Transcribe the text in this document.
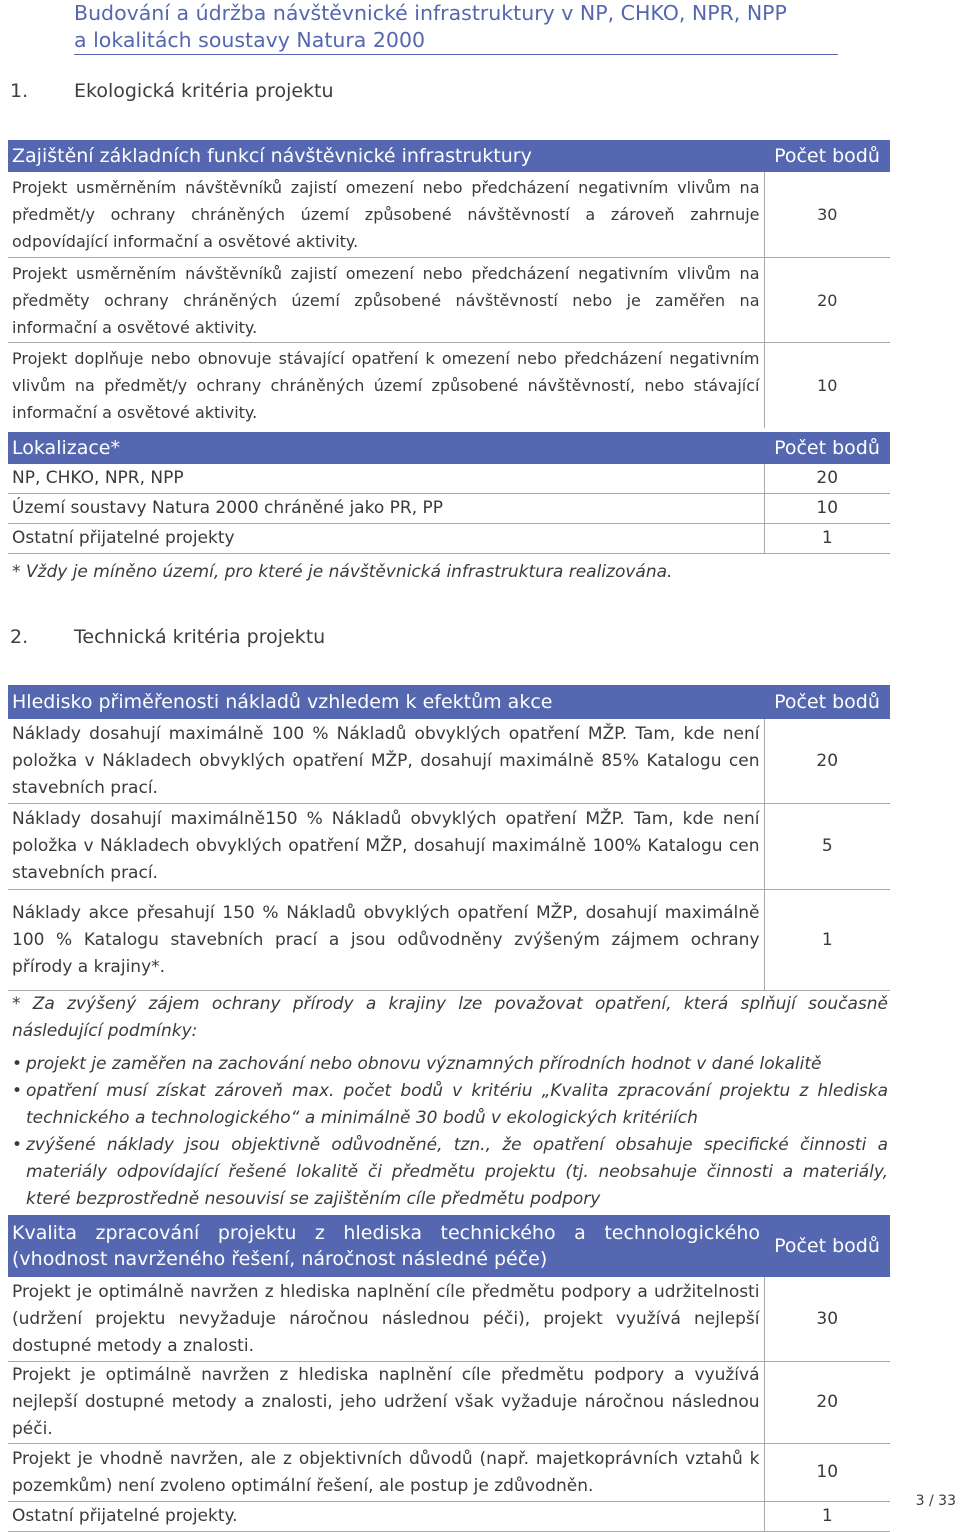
Budování a údržba návštěvnické infrastruktury v NP, CHKO, NPR, NPP
a lokalitách soustavy Natura 2000
1. Ekologická kritéria projektu
Zajištění základních funkcí návštěvnické infrastruktury	Počet bodů
Projekt usměrněním návštěvníků zajistí omezení nebo předcházení negativním vlivům na předmět/y ochrany chráněných území způsobené návštěvností a zároveň zahrnuje odpovídající informační a osvětové aktivity.	30
Projekt usměrněním návštěvníků zajistí omezení nebo předcházení negativním vlivům na předměty ochrany chráněných území způsobené návštěvností nebo je zaměřen na informační a osvětové aktivity.	20
Projekt doplňuje nebo obnovuje stávající opatření k omezení nebo předcházení negativním vlivům na předmět/y ochrany chráněných území způsobené návštěvností, nebo stávající informační a osvětové aktivity.	10
Lokalizace*	Počet bodů
NP, CHKO, NPR, NPP	20
Území soustavy Natura 2000 chráněné jako PR, PP	10
Ostatní přijatelné projekty	1
* Vždy je míněno území, pro které je návštěvnická infrastruktura realizována.
2. Technická kritéria projektu
Hledisko přiměřenosti nákladů vzhledem k efektům akce	Počet bodů
Náklady dosahují maximálně 100 % Nákladů obvyklých opatření MŽP. Tam, kde není položka v Nákladech obvyklých opatření MŽP, dosahují maximálně 85% Katalogu cen stavebních prací.	20
Náklady dosahují maximálně150 % Nákladů obvyklých opatření MŽP. Tam, kde není položka v Nákladech obvyklých opatření MŽP, dosahují maximálně 100% Katalogu cen stavebních prací.	5
Náklady akce přesahují 150 % Nákladů obvyklých opatření MŽP, dosahují maximálně 100 % Katalogu stavebních prací a jsou odůvodněny zvýšeným zájmem ochrany přírody a krajiny*.	1
* Za zvýšený zájem ochrany přírody a krajiny lze považovat opatření, která splňují současně následující podmínky:
• projekt je zaměřen na zachování nebo obnovu významných přírodních hodnot v dané lokalitě
• opatření musí získat zároveň max. počet bodů v kritériu „Kvalita zpracování projektu z hlediska technického a technologického“ a minimálně 30 bodů v ekologických kritériích
• zvýšené náklady jsou objektivně odůvodněné, tzn., že opatření obsahuje specifické činnosti a materiály odpovídající řešené lokalitě či předmětu projektu (tj. neobsahuje činnosti a materiály, které bezprostředně nesouvisí se zajištěním cíle předmětu podpory
Kvalita zpracování projektu z hlediska technického a technologického (vhodnost navrženého řešení, náročnost následné péče)	Počet bodů
Projekt je optimálně navržen z hlediska naplnění cíle předmětu podpory a udržitelnosti (udržení projektu nevyžaduje náročnou následnou péči), projekt využívá nejlepší dostupné metody a znalosti.	30
Projekt je optimálně navržen z hlediska naplnění cíle předmětu podpory a využívá nejlepší dostupné metody a znalosti, jeho udržení však vyžaduje náročnou následnou péči.	20
Projekt je vhodně navržen, ale z objektivních důvodů (např. majetkoprávních vztahů k pozemkům) není zvoleno optimální řešení, ale postup je zdůvodněn.	10
Ostatní přijatelné projekty.	1
3 / 33
